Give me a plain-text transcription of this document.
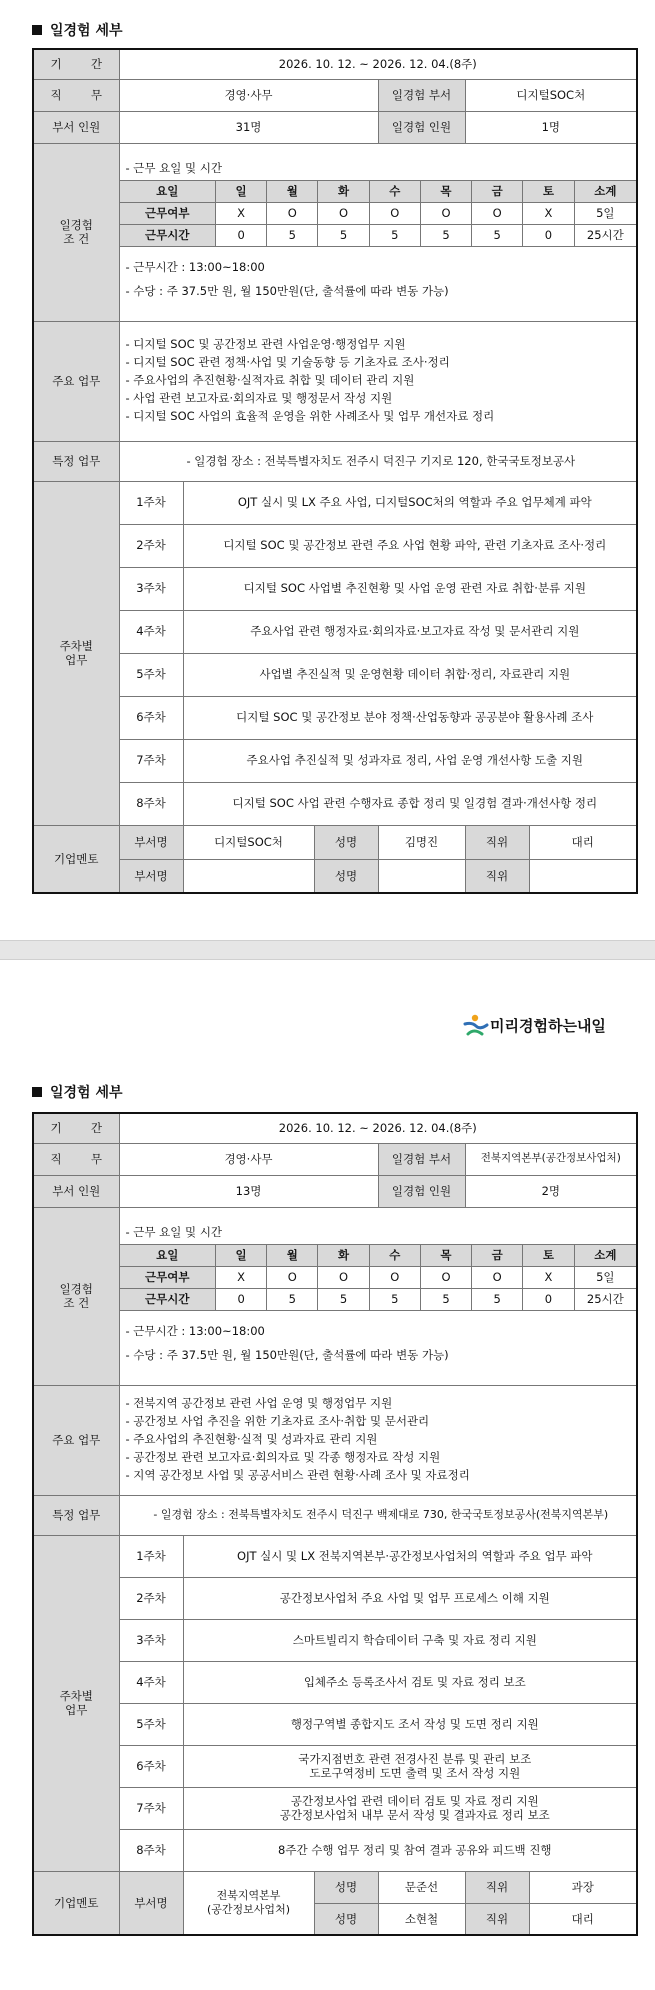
일경험 세부
기        간	2026. 10. 12. ~ 2026. 12. 04.(8주)
직        무	경영·사무	일경험 부서	디지털SOC처
부서 인원	31명	일경험 인원	1명
일경험
조 건	
- 근무 요일 및 시간
요일	일	월	화	수	목	금	토	소계
근무여부	X	O	O	O	O	O	X	5일
근무시간	0	5	5	5	5	5	0	25시간
- 근무시간 : 13:00~18:00
- 수당 : 주 37.5만 원, 월 150만원(단, 출석률에 따라 변동 가능)

주요 업무	
- 디지털 SOC 및 공간정보 관련 사업운영·행정업무 지원
- 디지털 SOC 관련 정책·사업 및 기술동향 등 기초자료 조사·정리
- 주요사업의 추진현황·실적자료 취합 및 데이터 관리 지원
- 사업 관련 보고자료·회의자료 및 행정문서 작성 지원
- 디지털 SOC 사업의 효율적 운영을 위한 사례조사 및 업무 개선자료 정리

특정 업무	- 일경험 장소 : 전북특별자치도 전주시 덕진구 기지로 120, 한국국토정보공사
주차별
업무	1주차	OJT 실시 및 LX 주요 사업, 디지털SOC처의 역할과 주요 업무체계 파악
2주차	디지털 SOC 및 공간정보 관련 주요 사업 현황 파악, 관련 기초자료 조사·정리
3주차	디지털 SOC 사업별 추진현황 및 사업 운영 관련 자료 취합·분류 지원
4주차	주요사업 관련 행정자료·회의자료·보고자료 작성 및 문서관리 지원
5주차	사업별 추진실적 및 운영현황 데이터 취합·정리, 자료관리 지원
6주차	디지털 SOC 및 공간정보 분야 정책·산업동향과 공공분야 활용사례 조사
7주차	주요사업 추진실적 및 성과자료 정리, 사업 운영 개선사항 도출 지원
8주차	디지털 SOC 사업 관련 수행자료 종합 정리 및 일경험 결과·개선사항 정리
기업멘토	부서명	디지털SOC처	성명	김명진	직위	대리
부서명		성명		직위	
미리경험하는내일
일경험 세부
기        간	2026. 10. 12. ~ 2026. 12. 04.(8주)
직        무	경영·사무	일경험 부서	전북지역본부(공간정보사업처)
부서 인원	13명	일경험 인원	2명
일경험
조 건	
- 근무 요일 및 시간
요일	일	월	화	수	목	금	토	소계
근무여부	X	O	O	O	O	O	X	5일
근무시간	0	5	5	5	5	5	0	25시간
- 근무시간 : 13:00~18:00
- 수당 : 주 37.5만 원, 월 150만원(단, 출석률에 따라 변동 가능)

주요 업무	
- 전북지역 공간정보 관련 사업 운영 및 행정업무 지원
- 공간정보 사업 추진을 위한 기초자료 조사·취합 및 문서관리
- 주요사업의 추진현황·실적 및 성과자료 관리 지원
- 공간정보 관련 보고자료·회의자료 및 각종 행정자료 작성 지원
- 지역 공간정보 사업 및 공공서비스 관련 현황·사례 조사 및 자료정리

특정 업무	- 일경험 장소 : 전북특별자치도 전주시 덕진구 백제대로 730, 한국국토정보공사(전북지역본부)
주차별
업무	1주차	OJT 실시 및 LX 전북지역본부·공간정보사업처의 역할과 주요 업무 파악
2주차	공간정보사업처 주요 사업 및 업무 프로세스 이해 지원
3주차	스마트빌리지 학습데이터 구축 및 자료 정리 지원
4주차	입체주소 등록조사서 검토 및 자료 정리 보조
5주차	행정구역별 종합지도 조서 작성 및 도면 정리 지원
6주차	국가지점번호 관련 전경사진 분류 및 관리 보조
도로구역정비 도면 출력 및 조서 작성 지원
7주차	공간정보사업 관련 데이터 검토 및 자료 정리 지원
공간정보사업처 내부 문서 작성 및 결과자료 정리 보조
8주차	8주간 수행 업무 정리 및 참여 결과 공유와 피드백 진행
기업멘토	부서명	전북지역본부
(공간정보사업처)	성명	문준선	직위	과장
성명	소현철	직위	대리
